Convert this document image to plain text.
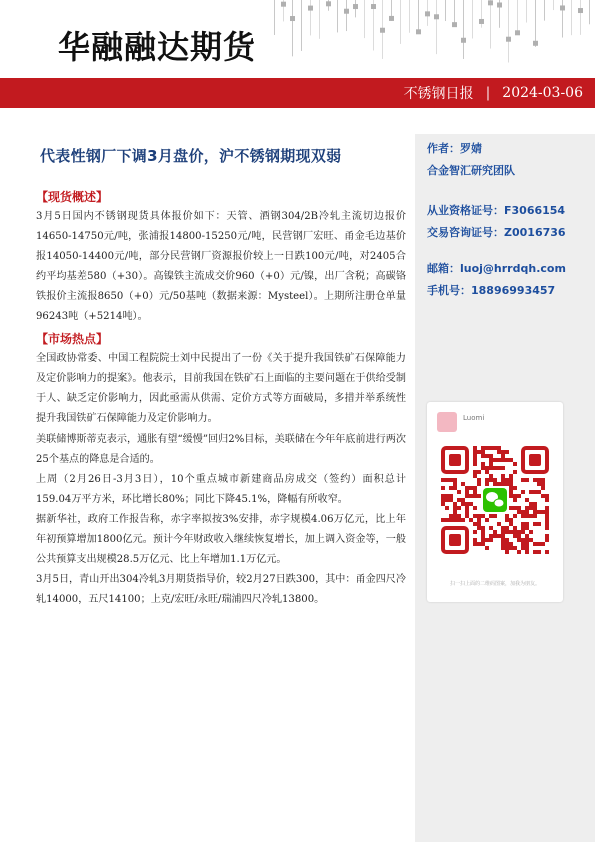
华融融达期货
不锈钢日报 | 2024-03-06
作者：罗婧
合金智汇研究团队
从业资格证号：F3066154
交易咨询证号：Z0016736
邮箱：luoj@hrrdqh.com
手机号：18896993457
Luomi
扫一扫上面的二维码图案，加我为朋友。
代表性钢厂下调3月盘价，沪不锈钢期现双弱
【现货概述】
3月5日国内不锈钢现货具体报价如下：天管、酒钢304/2B冷轧主流切边报价14650-14750元/吨，张浦报14800-15250元/吨，民营钢厂宏旺、甬金毛边基价报14050-14400元/吨，部分民营钢厂资源报价较上一日跌100元/吨，对2405合约平均基差580（+30）。高镍铁主流成交价960（+0）元/镍，出厂含税；高碳铬铁报价主流报8650（+0）元/50基吨（数据来源：Mysteel）。上期所注册仓单量96243吨（+5214吨）。
【市场热点】
全国政协常委、中国工程院院士刘中民提出了一份《关于提升我国铁矿石保障能力及定价影响力的提案》。他表示，目前我国在铁矿石上面临的主要问题在于供给受制于人、缺乏定价影响力，因此亟需从供需、定价方式等方面破局，多措并举系统性提升我国铁矿石保障能力及定价影响力。
美联储博斯蒂克表示，通胀有望“缓慢”回归2%目标，美联储在今年年底前进行两次25个基点的降息是合适的。
上周（2月26日-3月3日），10个重点城市新建商品房成交（签约）面积总计159.04万平方米，环比增长80%；同比下降45.1%，降幅有所收窄。
据新华社，政府工作报告称，赤字率拟按3%安排，赤字规模4.06万亿元，比上年年初预算增加1800亿元。预计今年财政收入继续恢复增长，加上调入资金等，一般公共预算支出规模28.5万亿元、比上年增加1.1万亿元。
3月5日，青山开出304冷轧3月期货指导价，较2月27日跌300，其中：甬金四尺冷轧14000，五尺14100；上克/宏旺/永旺/瑞浦四尺冷轧13800。
